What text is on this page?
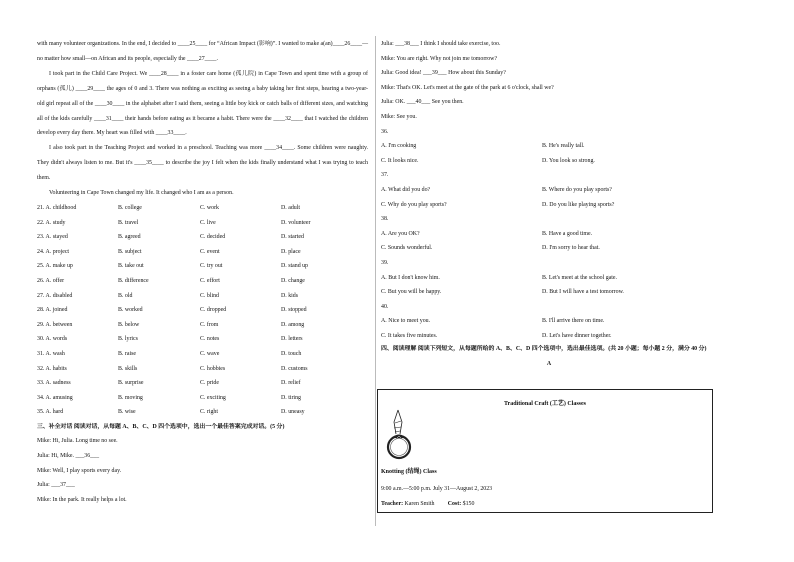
with many volunteer organizations. In the end, I decided to ____25____ for “African Impact (影响)”. I wanted to make a(an)____26____—no matter how small—on African and its people, especially the ____27____.

I took part in the Child Care Project. We ____28____ in a foster care home (孤儿院) in Cape Town and spent time with a group of orphans (孤儿) ____29____ the ages of 0 and 3. There was nothing as exciting as seeing a baby taking her first steps, hearing a two-year-old girl repeat all of the ____30____ in the alphabet after I said them, seeing a little boy kick or catch balls of different sizes, and watching all of the kids carefully ____31____ their hands before eating as it became a habit. There were the ____32____ that I watched the children develop every day there. My heart was filled with ____33____.

I also took part in the Teaching Project and worked in a preschool. Teaching was more ____34____. Some children were naughty. They didn't always listen to me. But it's ____35____ to describe the joy I felt when the kids finally understand what I was trying to teach them.

Volunteering in Cape Town changed my life. It changed who I am as a person.

21. A. childhood	B. college	C. work	D. adult
22. A. study	B. travel	C. live	D. volunteer
23. A. stayed	B. agreed	C. decided	D. started
24. A. project	B. subject	C. event	D. place
25. A. make up	B. take out	C. try out	D. stand up
26. A. offer	B. difference	C. effort	D. change
27. A. disabled	B. old	C. blind	D. kids
28. A. joined	B. worked	C. dropped	D. stopped
29. A. between	B. below	C. from	D. among
30. A. words	B. lyrics	C. notes	D. letters
31. A. wash	B. raise	C. wave	D. touch
32. A. habits	B. skills	C. hobbies	D. customs
33. A. sadness	B. surprise	C. pride	D. relief
34. A. amusing	B. moving	C. exciting	D. tiring
35. A. hard	B. wise	C. right	D. uneasy
三、补全对话 阅读对话，从每题 A、B、C、D 四个选项中，选出一个最佳答案完成对话。(5 分)
Mike: Hi, Julia. Long time no see.
Julia: Hi, Mike. ___36___
Mike: Well, I play sports every day.
Julia: ___37___
Mike: In the park. It really helps a lot.
Julia: ___38___ I think I should take exercise, too.
Mike: You are right. Why not join me tomorrow?
Julia: Good idea! ___39___ How about this Sunday?
Mike: That's OK. Let's meet at the gate of the park at 6 o'clock, shall we?
Julia: OK. ___40___ See you then.
Mike: See you.
36.
A. I'm cooking	B. He's really tall.
C. It looks nice.	D. You look so strong.
37.
A. What did you do?	B. Where do you play sports?
C. Why do you play sports?	D. Do you like playing sports?
38.
A. Are you OK?	B. Have a good time.
C. Sounds wonderful.	D. I'm sorry to hear that.
39.
A. But I don't know him.	B. Let's meet at the school gate.
C. But you will be happy.	D. But I will have a test tomorrow.
40.
A. Nice to meet you.	B. I'll arrive there on time.
C. It takes five minutes.	D. Let's have dinner together.
四、阅读理解 阅读下列短文，从每题所给的 A、B、C、D 四个选项中，选出最佳选项。(共 20 小题；每小题 2 分，满分 40 分)
A
Traditional Craft (工艺) Classes
Knotting (结绳) Class
9:00 a.m.—5:00 p.m. July 31—August 2, 2023
Teacher: Karen Smith Cost: $150
